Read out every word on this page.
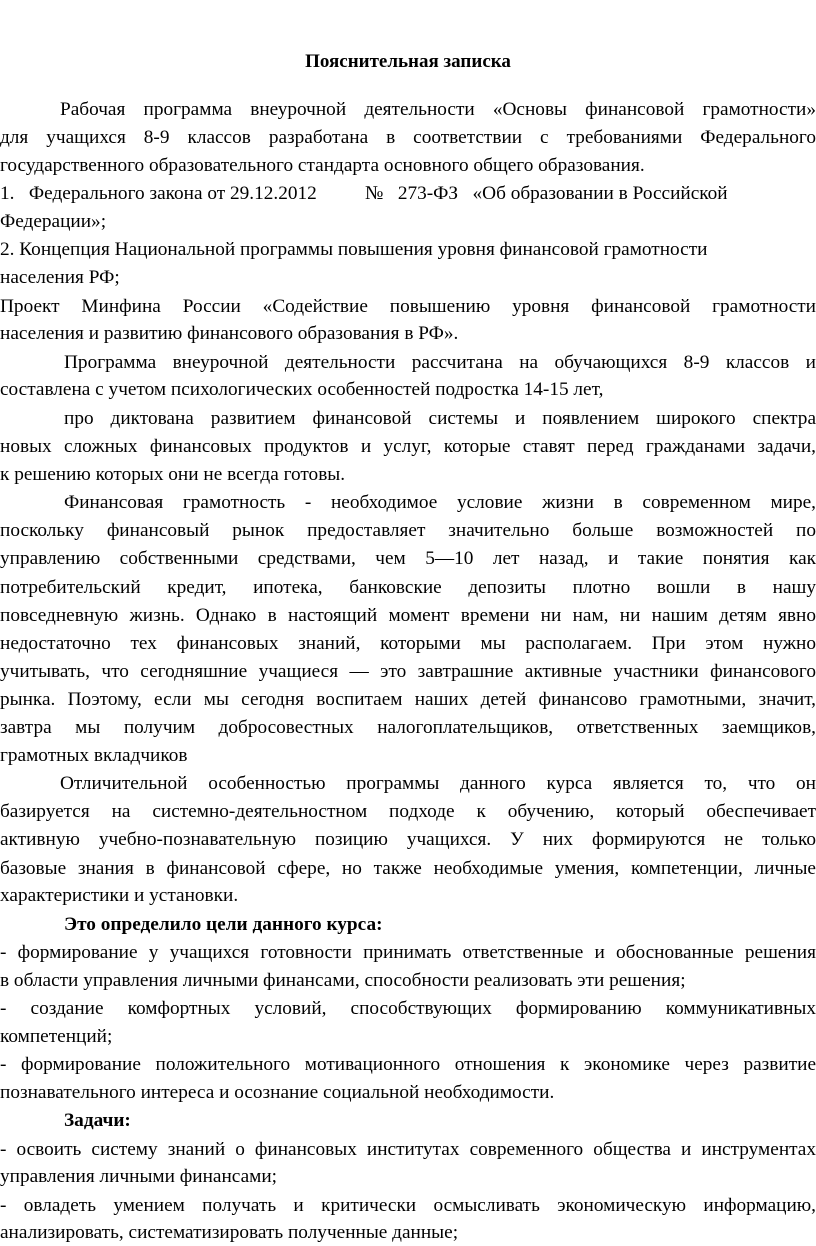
Пояснительная записка

Рабочая программа внеурочной деятельности «Основы финансовой грамотности»

для учащихся 8-9 классов разработана в соответствии с требованиями Федерального

государственного образовательного стандарта основного общего образования.

1.   Федерального закона от 29.12.2012          №   273-ФЗ   «Об образовании в Российской

Федерации»;

2. Концепция Национальной программы повышения уровня финансовой грамотности

населения РФ;

Проект Минфина России «Содействие повышению уровня финансовой грамотности

населения и развитию финансового образования в РФ».

Программа внеурочной деятельности рассчитана на обучающихся 8-9 классов и

составлена с учетом психологических особенностей подростка 14-15 лет,

про диктована развитием финансовой системы и появлением широкого спектра

новых сложных финансовых продуктов и услуг, которые ставят перед гражданами задачи,

к решению которых они не всегда готовы.

Финансовая грамотность - необходимое условие жизни в современном мире,

поскольку финансовый рынок предоставляет значительно больше возможностей по

управлению собственными средствами, чем 5—10 лет назад, и такие понятия как

потребительский кредит, ипотека, банковские депозиты плотно вошли в нашу

повседневную жизнь. Однако в настоящий момент времени ни нам, ни нашим детям явно

недостаточно тех финансовых знаний, которыми мы располагаем. При этом нужно

учитывать, что сегодняшние учащиеся — это завтрашние активные участники финансового

рынка. Поэтому, если мы сегодня воспитаем наших детей финансово грамотными, значит,

завтра мы получим добросовестных налогоплательщиков, ответственных заемщиков,

грамотных вкладчиков

Отличительной особенностью программы данного курса является то, что он

базируется на системно-деятельностном подходе к обучению, который обеспечивает

активную учебно-познавательную позицию учащихся. У них формируются не только

базовые знания в финансовой сфере, но также необходимые умения, компетенции, личные

характеристики и установки.

Это определило цели данного курса:

- формирование у учащихся готовности принимать ответственные и обоснованные решения

в области управления личными финансами, способности реализовать эти решения;

- создание комфортных условий, способствующих формированию коммуникативных

компетенций;

- формирование положительного мотивационного отношения к экономике через развитие

познавательного интереса и осознание социальной необходимости.

Задачи:

- освоить систему знаний о финансовых институтах современного общества и инструментах

управления личными финансами;

- овладеть умением получать и критически осмысливать экономическую информацию,

анализировать, систематизировать полученные данные;
